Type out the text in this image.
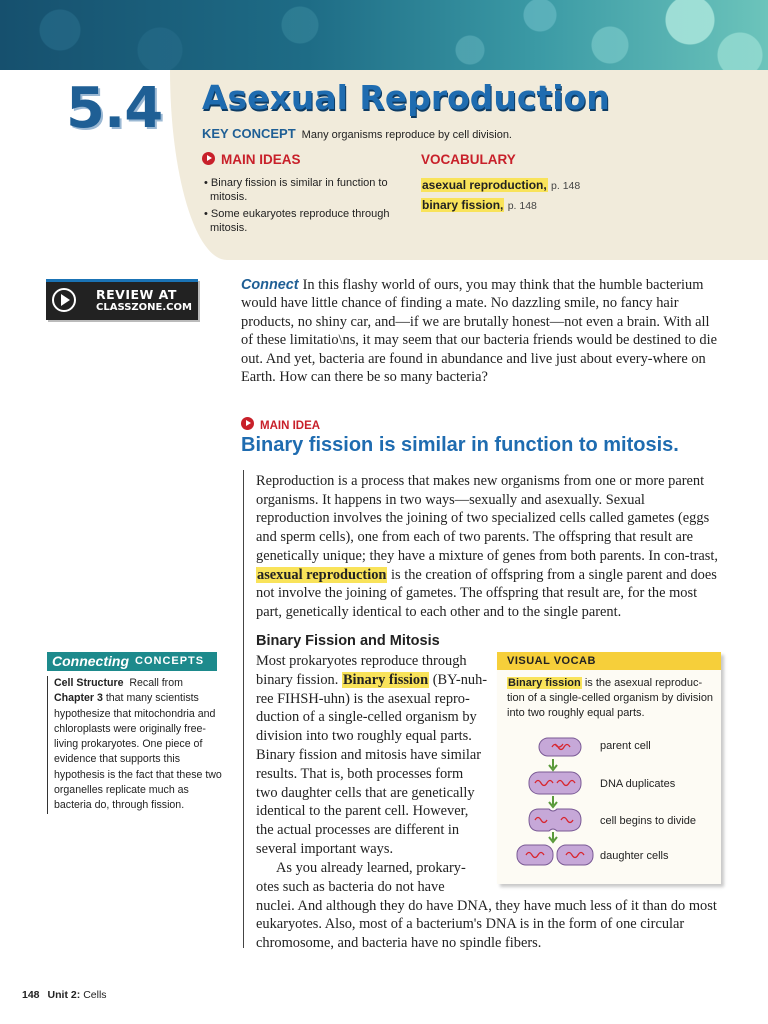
5.4 Asexual Reproduction
KEY CONCEPT Many organisms reproduce by cell division.
MAIN IDEAS
• Binary fission is similar in function to mitosis.
• Some eukaryotes reproduce through mitosis.
VOCABULARY
asexual reproduction, p. 148
binary fission, p. 148
REVIEW AT
CLASSZONE.COM
Connect In this flashy world of ours, you may think that the humble bacterium would have little chance of finding a mate. No dazzling smile, no fancy hair products, no shiny car, and—if we are brutally honest—not even a brain. With all of these limitatio\ns, it may seem that our bacteria friends would be destined to die out. And yet, bacteria are found in abundance and live just about every-where on Earth. How can there be so many bacteria?
MAIN IDEA
Binary fission is similar in function to mitosis.
Reproduction is a process that makes new organisms from one or more parent organisms. It happens in two ways—sexually and asexually. Sexual reproduction involves the joining of two specialized cells called gametes (eggs and sperm cells), one from each of two parents. The offspring that result are genetically unique; they have a mixture of genes from both parents. In con-trast, asexual reproduction is the creation of offspring from a single parent and does not involve the joining of gametes. The offspring that result are, for the most part, genetically identical to each other and to the single parent.
Binary Fission and Mitosis
Most prokaryotes reproduce through binary fission. Binary fission (BY-nuh-ree FIHSH-uhn) is the asexual repro-duction of a single-celled organism by division into two roughly equal parts. Binary fission and mitosis have similar results. That is, both processes form two daughter cells that are genetically identical to the parent cell. However, the actual processes are different in several important ways.
As you already learned, prokary-otes such as bacteria do not have
nuclei. And although they do have DNA, they have much less of it than do most eukaryotes. Also, most of a bacterium's DNA is in the form of one circular chromosome, and bacteria have no spindle fibers.
Connecting CONCEPTS
Cell Structure Recall from Chapter 3 that many scientists hypothesize that mitochondria and chloroplasts were originally free-living prokaryotes. One piece of evidence that supports this hypothesis is the fact that these two organelles replicate much as bacteria do, through fission.
VISUAL VOCAB
Binary fission is the asexual reproduc-tion of a single-celled organism by division into two roughly equal parts.
parent cell
DNA duplicates
cell begins to divide
daughter cells
148 Unit 2: Cells
